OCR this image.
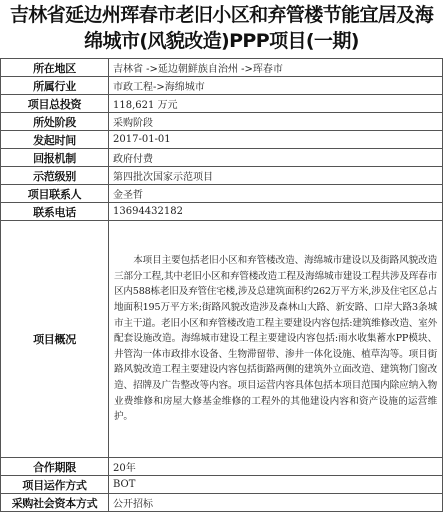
吉林省延边州珲春市老旧小区和弃管楼节能宜居及海绵城市(风貌改造)PPP项目(一期)
所在地区	吉林省 ->延边朝鲜族自治州 ->珲春市
所属行业	市政工程->海绵城市
项目总投资	118,621 万元
所处阶段	采购阶段
发起时间	2017-01-01
回报机制	政府付费
示范级别	第四批次国家示范项目
项目联系人	金圣哲
联系电话	13694432182
项目概况	本项目主要包括老旧小区和弃管楼改造、海绵城市建设以及街路风貌改造三部分工程,其中老旧小区和弃管楼改造工程及海绵城市建设工程共涉及珲春市区内588栋老旧及弃管住宅楼,涉及总建筑面积约262万平方米,涉及住宅区总占地面积195万平方米;街路风貌改造涉及森林山大路、新安路、口岸大路3条城市主干道。老旧小区和弃管楼改造工程主要建设内容包括:建筑维修改造、室外配套设施改造。海绵城市建设工程主要建设内容包括:雨水收集蓄水PP模块、井管沟一体市政排水设备、生物滞留带、渗井一体化设施、植草沟等。项目街路风貌改造工程主要建设内容包括街路两侧的建筑外立面改造、建筑物门窗改造、招牌及广告整改等内容。项目运营内容具体包括本项目范围内除应纳入物业费维修和房屋大修基金维修的工程外的其他建设内容和资产设施的运营维护。
合作期限	20年
项目运作方式	BOT
采购社会资本方式	公开招标
